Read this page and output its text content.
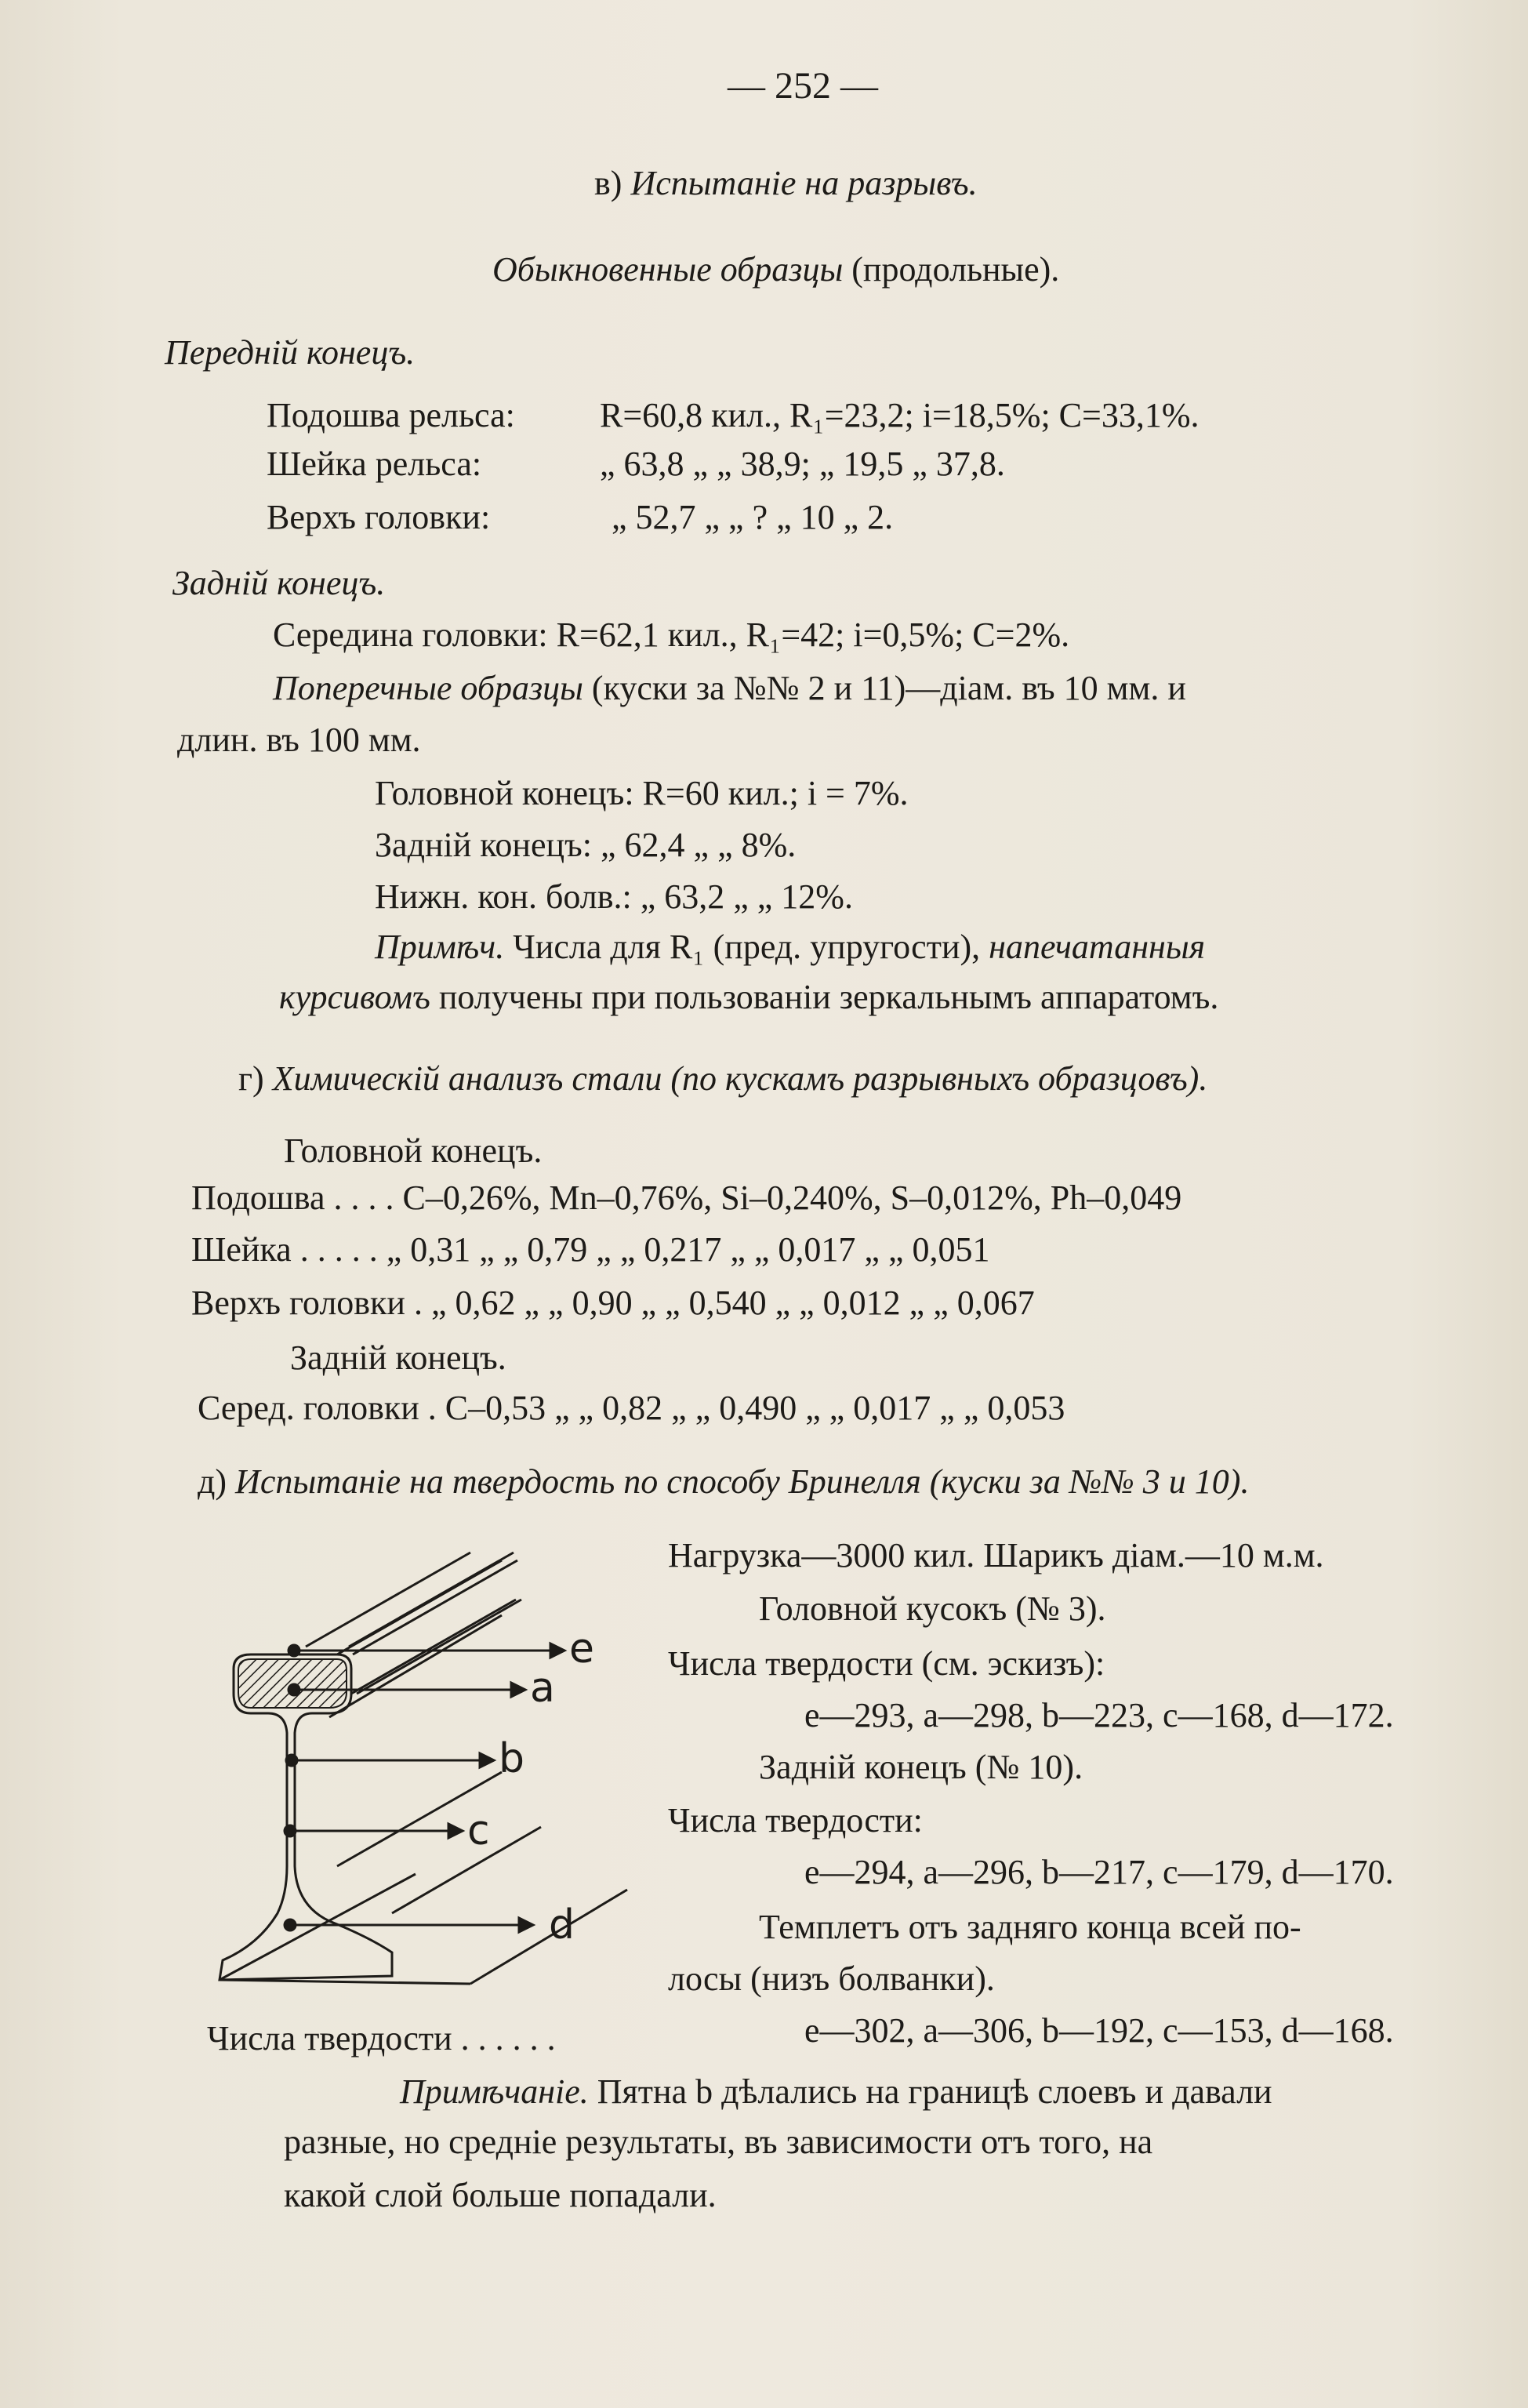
— 252 —
в) Испытаніе на разрывъ.
Обыкновенные образцы (продольные).
Передній конецъ.
Подошва рельса: R=60,8 кил., R₁=23,2; i=18,5%; C=33,1%.
Шейка рельса:	„ 63,8 „ „ 38,9; „ 19,5 „ 37,8.
Верхъ головки:	„ 52,7 „ „ ? „ 10 „ 2.
Задній конецъ.
Середина головки: R=62,1 кил., R₁=42; i=0,5%; C=2%.
Поперечные образцы (куски за №№ 2 и 11)—діам. въ 10 мм. и
длин. въ 100 мм.
Головной конецъ: R=60 кил.; i = 7%.
Задній конецъ: „ 62,4 „ „ 8%.
Нижн. кон. болв.: „ 63,2 „ „ 12%.
Примѣч. Числа для R₁ (пред. упругости), напечатанныя
курсивомъ получены при пользованіи зеркальнымъ аппаратомъ.
г) Химическій анализъ стали (по кускамъ разрывныхъ образцовъ).
Головной конецъ.
Подошва . . . . C–0,26%, Mn–0,76%, Si–0,240%, S–0,012%, Ph–0,049
Шейка . . . . . „ 0,31 „ „ 0,79 „ „ 0,217 „ „ 0,017 „ „ 0,051
Верхъ головки . „ 0,62 „ „ 0,90 „ „ 0,540 „ „ 0,012 „ „ 0,067
Задній конецъ.
Серед. головки . C–0,53 „ „ 0,82 „ „ 0,490 „ „ 0,017 „ „ 0,053
д) Испытаніе на твердость по способу Бринелля (куски за №№ 3 и 10).
Нагрузка—3000 кил. Шарикъ діам.—10 м.м.
Головной кусокъ (№ 3).
Числа твердости (см. эскизъ):
e—293, a—298, b—223, c—168, d—172.
Задній конецъ (№ 10).
Числа твердости:
e—294, a—296, b—217, c—179, d—170.
Темплетъ отъ задняго конца всей по-
лосы (низъ болванки).
Числа твердости . . . . . .	e—302, a—306, b—192, c—153, d—168.
Примѣчаніе. Пятна b дѣлались на границѣ слоевъ и давали
разные, но средніе результаты, въ зависимости отъ того, на
какой слой больше попадали.
e
a
b
c
d
